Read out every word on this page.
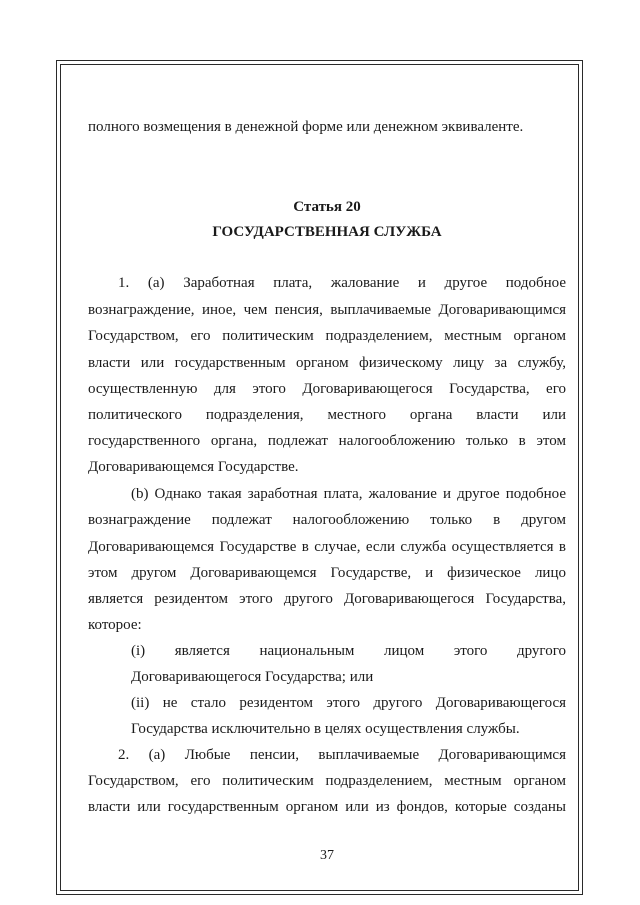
полного возмещения в денежной форме или денежном эквиваленте.
Статья 20
ГОСУДАРСТВЕННАЯ СЛУЖБА
1. (a) Заработная плата, жалование и другое подобное
вознаграждение, иное, чем пенсия, выплачиваемые Договаривающимся
Государством, его политическим подразделением, местным органом
власти или государственным органом физическому лицу за службу,
осуществленную для этого Договаривающегося Государства, его
политического подразделения, местного органа власти или
государственного органа, подлежат налогообложению только в этом
Договаривающемся Государстве.
(b) Однако такая заработная плата, жалование и другое подобное
вознаграждение подлежат налогообложению только в другом
Договаривающемся Государстве в случае, если служба осуществляется в
этом другом Договаривающемся Государстве, и физическое лицо
является резидентом этого другого Договаривающегося Государства,
которое:
(i) является национальным лицом этого другого
Договаривающегося Государства; или
(ii) не стало резидентом этого другого Договаривающегося
Государства исключительно в целях осуществления службы.
2. (a) Любые пенсии, выплачиваемые Договаривающимся
Государством, его политическим подразделением, местным органом
власти или государственным органом или из фондов, которые созданы
37
